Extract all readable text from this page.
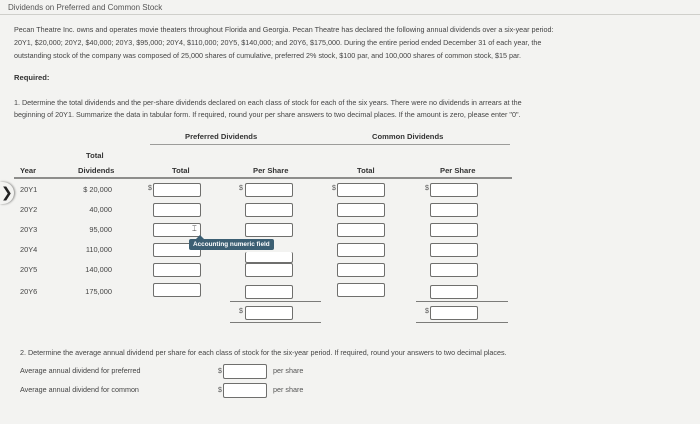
Dividends on Preferred and Common Stock
Pecan Theatre Inc. owns and operates movie theaters throughout Florida and Georgia. Pecan Theatre has declared the following annual dividends over a six-year period:
20Y1, $20,000; 20Y2, $40,000; 20Y3, $95,000; 20Y4, $110,000; 20Y5, $140,000; and 20Y6, $175,000. During the entire period ended December 31 of each year, the
outstanding stock of the company was composed of 25,000 shares of cumulative, preferred 2% stock, $100 par, and 100,000 shares of common stock, $15 par.
Required:
1. Determine the total dividends and the per-share dividends declared on each class of stock for each of the six years. There were no dividends in arrears at the
beginning of 20Y1. Summarize the data in tabular form. If required, round your per share answers to two decimal places. If the amount is zero, please enter "0".
Preferred Dividends	Common Dividends
Total
Year	Dividends	Total	Per Share	Total	Per Share
❯ 20Y1	$ 20,000
20Y2	40,000
20Y3	95,000
20Y4	110,000
20Y5	140,000
20Y6	175,000
$	$
$
⌶
Accounting numeric field
$	$
$
2. Determine the average annual dividend per share for each class of stock for the six-year period. If required, round your answers to two decimal places.
Average annual dividend for preferred	$	per share
Average annual dividend for common	$	per share
